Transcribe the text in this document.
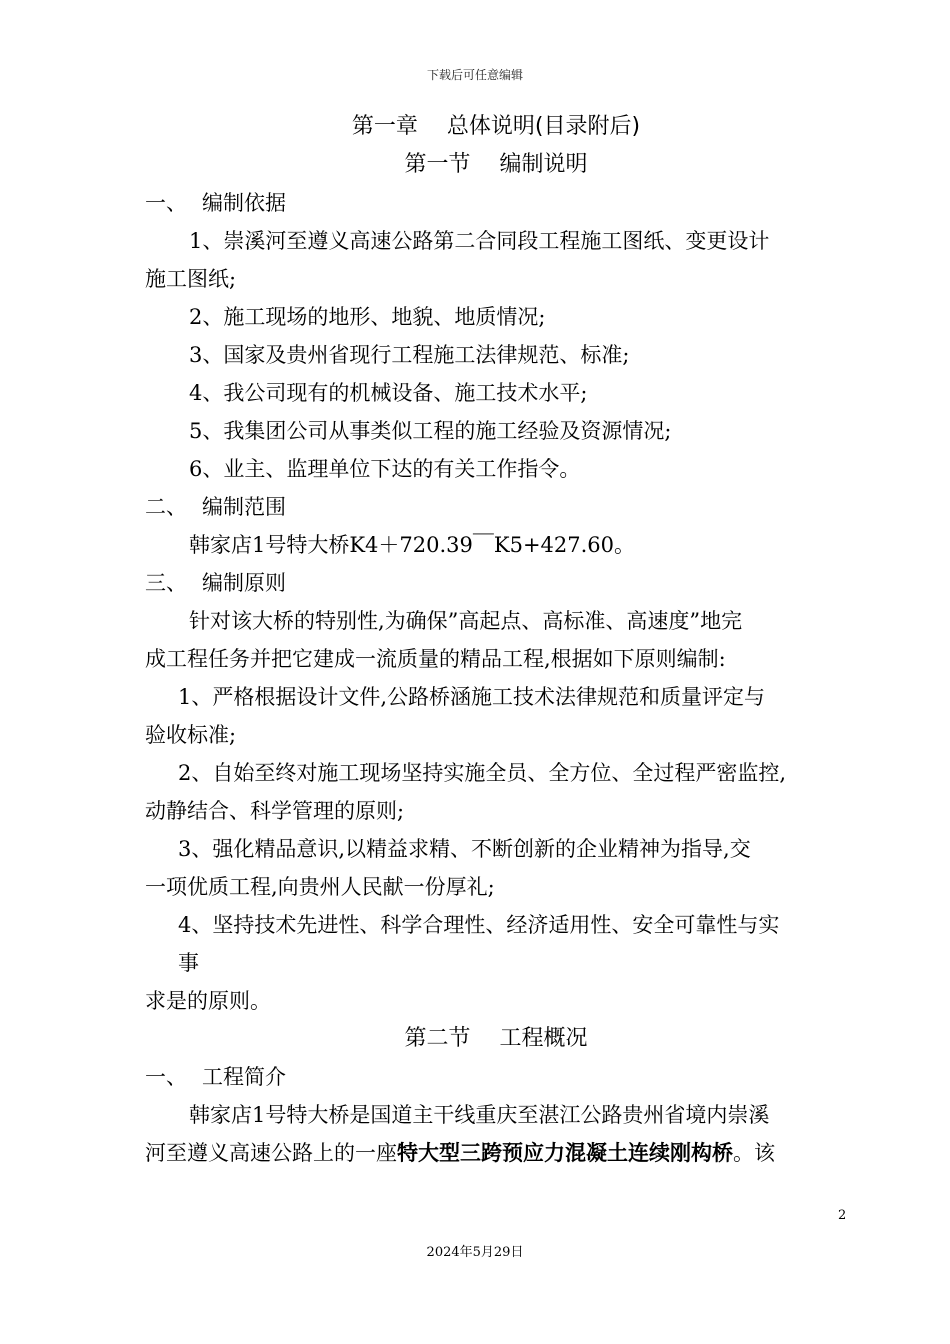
下载后可任意编辑
第一章　 总体说明(目录附后)
第一节　 编制说明
一、 编制依据

1、崇溪河至遵义高速公路第二合同段工程施工图纸、变更设计

施工图纸;

2、施工现场的地形、地貌、地质情况;

3、国家及贵州省现行工程施工法律规范、标准;

4、我公司现有的机械设备、施工技术水平;

5、我集团公司从事类似工程的施工经验及资源情况;

6、业主、监理单位下达的有关工作指令。

二、 编制范围

韩家店1号特大桥K4＋720.39￣K5+427.60。

三、 编制原则

针对该大桥的特别性,为确保”高起点、高标准、高速度”地完

成工程任务并把它建成一流质量的精品工程,根据如下原则编制:

1、严格根据设计文件,公路桥涵施工技术法律规范和质量评定与

验收标准;

2、自始至终对施工现场坚持实施全员、全方位、全过程严密监控,

动静结合、科学管理的原则;

3、强化精品意识,以精益求精、不断创新的企业精神为指导,交

一项优质工程,向贵州人民献一份厚礼;

4、坚持技术先进性、科学合理性、经济适用性、安全可靠性与实

事

求是的原则。

第二节　 工程概况
一、 工程简介

韩家店1号特大桥是国道主干线重庆至湛江公路贵州省境内崇溪

河至遵义高速公路上的一座特大型三跨预应力混凝土连续刚构桥。该

2
2024年5月29日
